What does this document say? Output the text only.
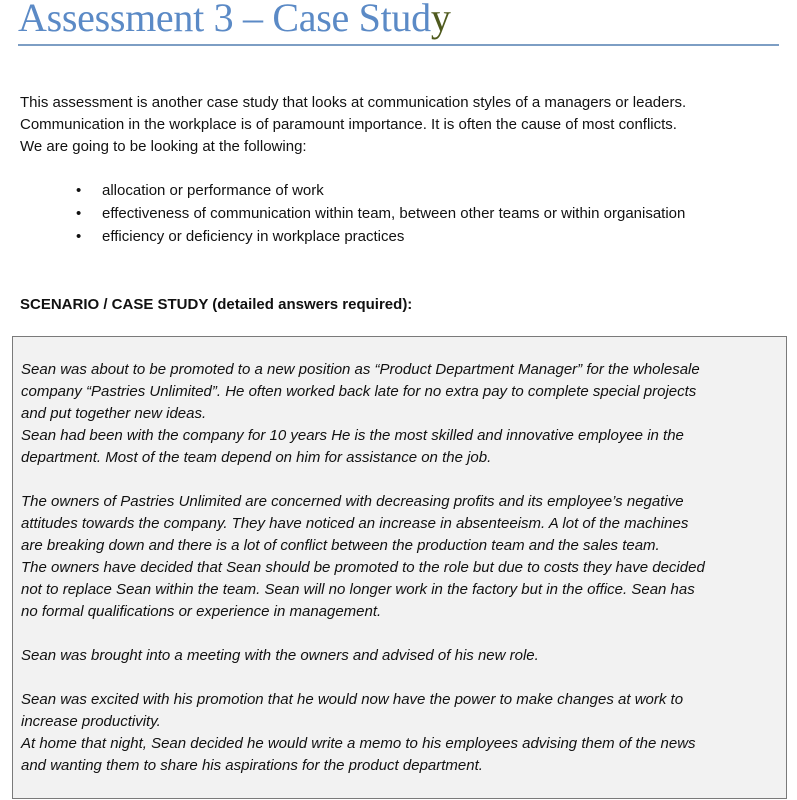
Assessment 3 – Case Study
This assessment is another case study that looks at communication styles of a managers or leaders.
Communication in the workplace is of paramount importance. It is often the cause of most conflicts.
We are going to be looking at the following:
• allocation or performance of work
• effectiveness of communication within team, between other teams or within organisation
• efficiency or deficiency in workplace practices
SCENARIO / CASE STUDY (detailed answers required):
Sean was about to be promoted to a new position as “Product Department Manager” for the wholesale
company “Pastries Unlimited”. He often worked back late for no extra pay to complete special projects
and put together new ideas.
Sean had been with the company for 10 years He is the most skilled and innovative employee in the
department. Most of the team depend on him for assistance on the job.
The owners of Pastries Unlimited are concerned with decreasing profits and its employee’s negative
attitudes towards the company. They have noticed an increase in absenteeism. A lot of the machines
are breaking down and there is a lot of conflict between the production team and the sales team.
The owners have decided that Sean should be promoted to the role but due to costs they have decided
not to replace Sean within the team. Sean will no longer work in the factory but in the office. Sean has
no formal qualifications or experience in management.
Sean was brought into a meeting with the owners and advised of his new role.
Sean was excited with his promotion that he would now have the power to make changes at work to
increase productivity.
At home that night, Sean decided he would write a memo to his employees advising them of the news
and wanting them to share his aspirations for the product department.
